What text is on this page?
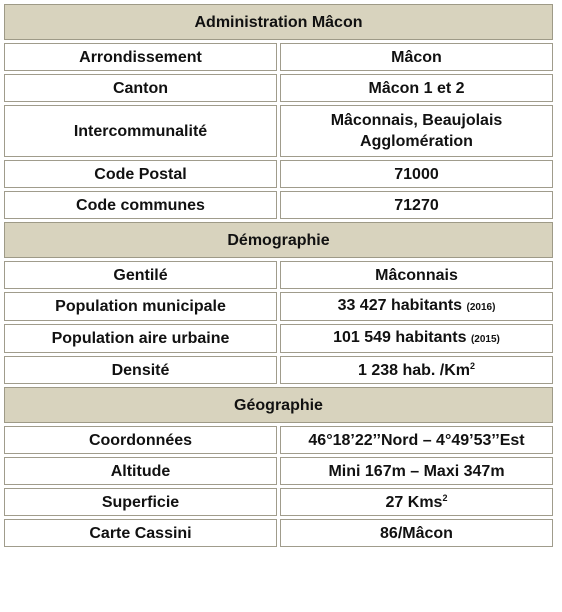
Administration Mâcon	
Arrondissement	Mâcon
Canton	Mâcon 1 et 2
Intercommunalité	Mâconnais, Beaujolais
Agglomération
Code Postal	71000
Code communes	71270
Démographie	
Gentilé	Mâconnais
Population municipale	33 427 habitants (2016)
Population aire urbaine	101 549 habitants (2015)
Densité	1 238 hab. /Km$^2$
Géographie	
Coordonnées	46°18’22’’Nord – 4°49’53’’Est
Altitude	Mini 167m – Maxi 347m
Superficie	27 Kms$^2$
Carte Cassini	86/Mâcon
